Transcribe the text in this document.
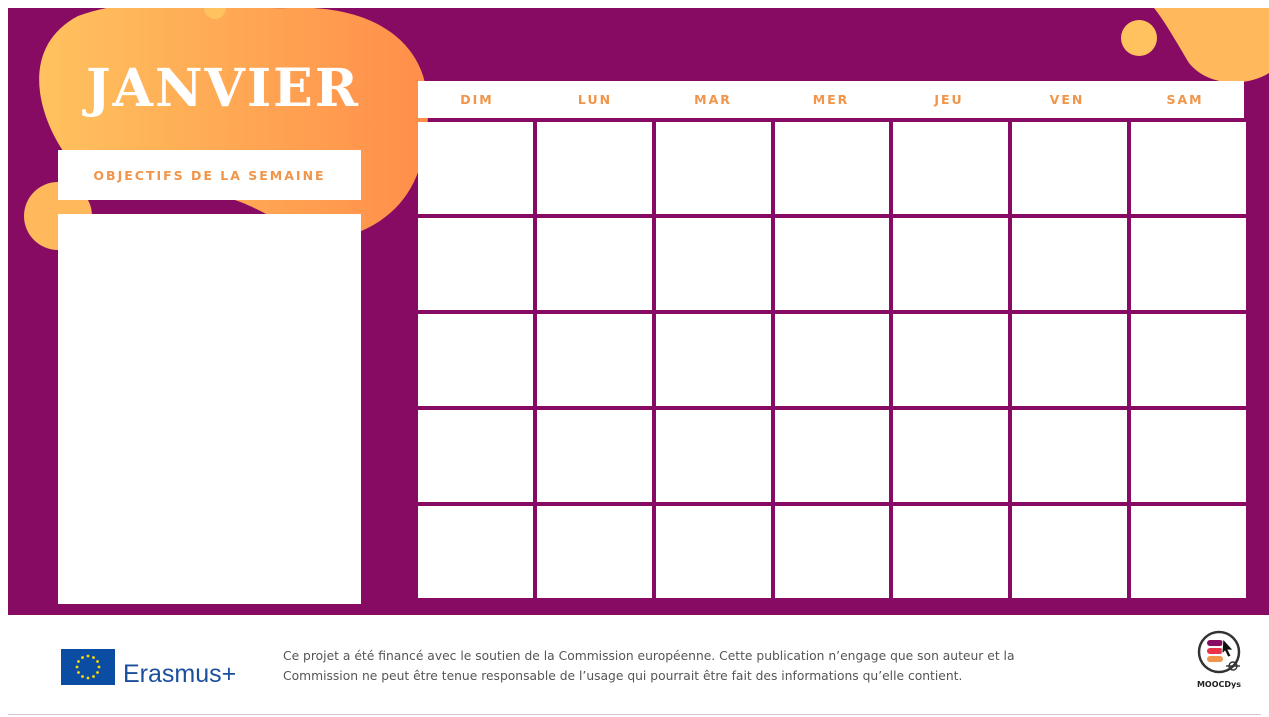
JANVIER
OBJECTIFS DE LA SEMAINE
DIM	LUN	MAR	MER	JEU	VEN	SAM
Erasmus+
Ce projet a été financé avec le soutien de la Commission européenne. Cette publication n’engage que son auteur et la
Commission ne peut être tenue responsable de l’usage qui pourrait être fait des informations qu’elle contient.
MOOCDys
